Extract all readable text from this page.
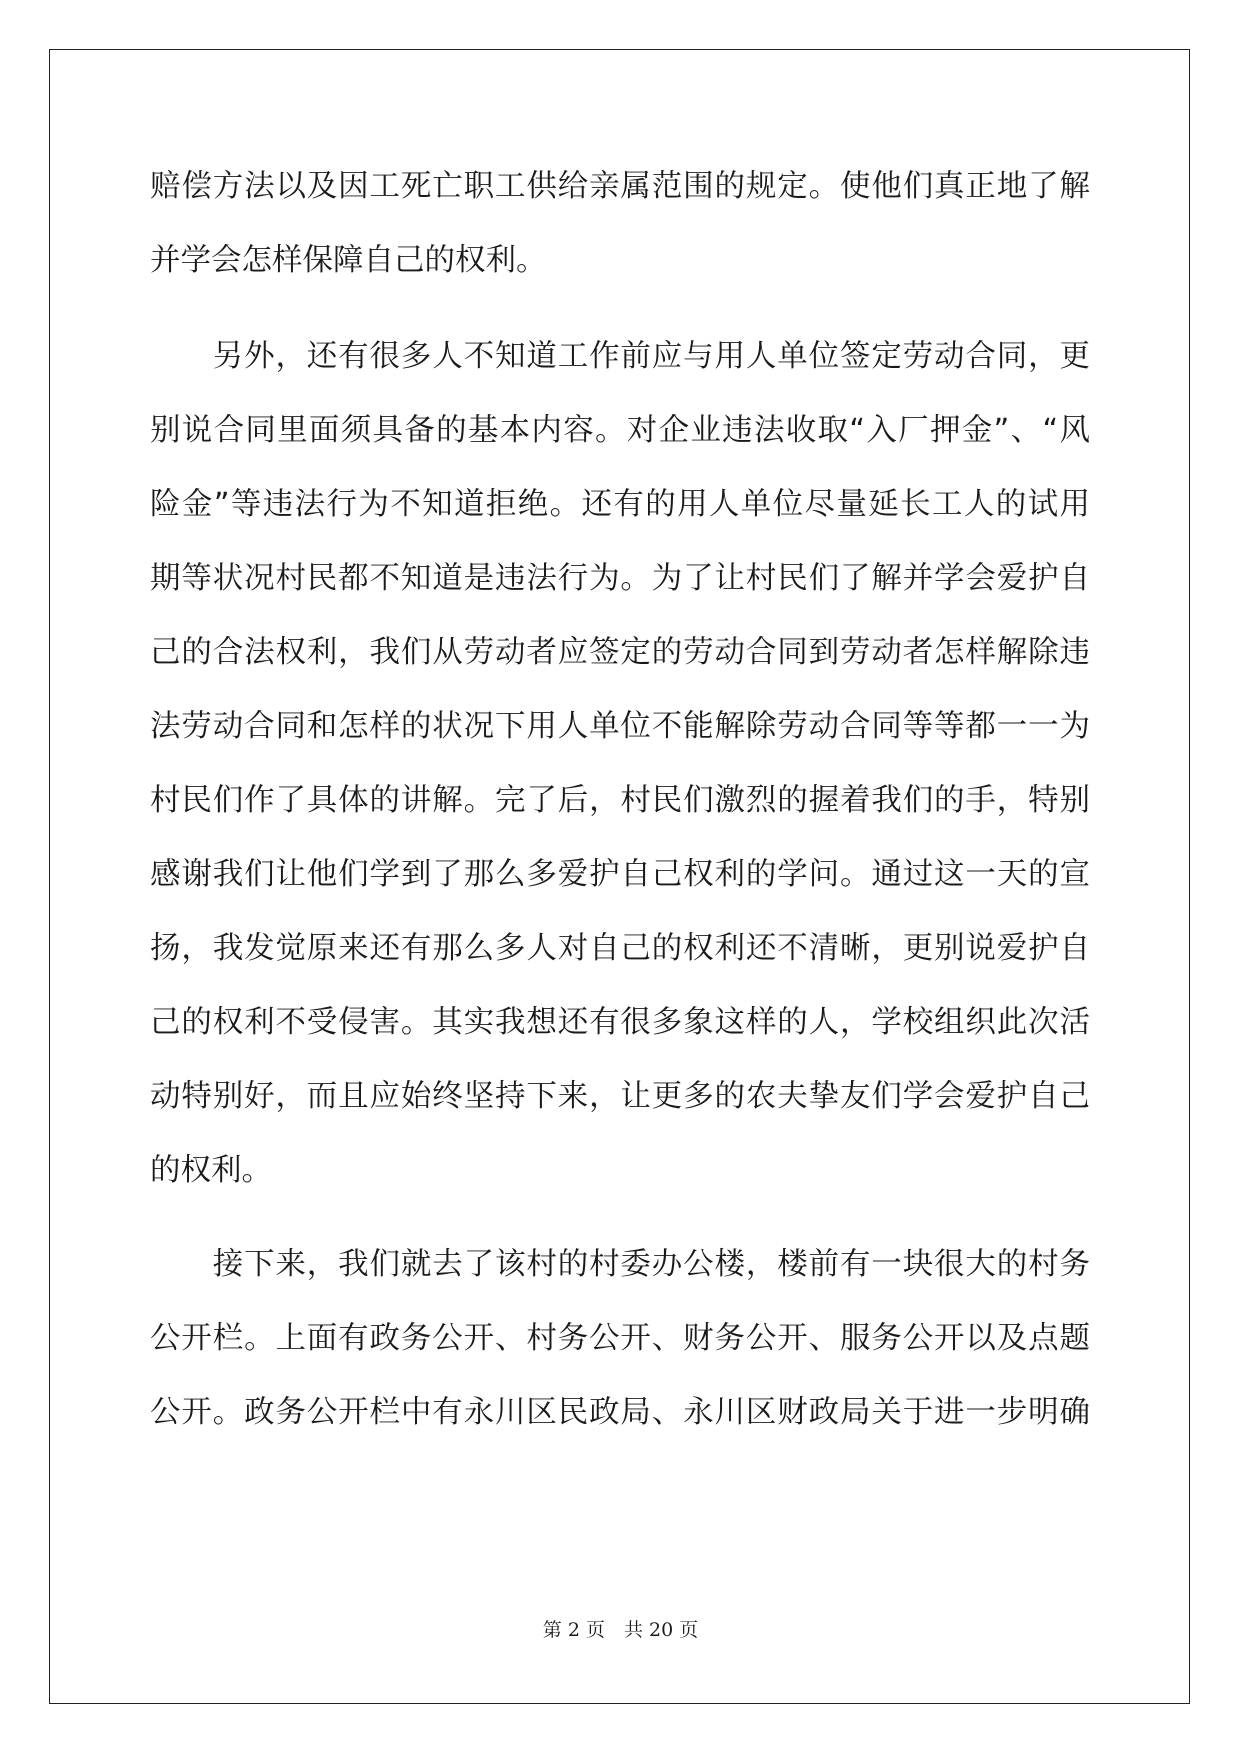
赔偿方法以及因工死亡职工供给亲属范围的规定。使他们真正地了解
并学会怎样保障自己的权利。
　　另外，还有很多人不知道工作前应与用人单位签定劳动合同，更
别说合同里面须具备的基本内容。对企业违法收取“入厂押金”、“风
险金”等违法行为不知道拒绝。还有的用人单位尽量延长工人的试用
期等状况村民都不知道是违法行为。为了让村民们了解并学会爱护自
己的合法权利，我们从劳动者应签定的劳动合同到劳动者怎样解除违
法劳动合同和怎样的状况下用人单位不能解除劳动合同等等都一一为
村民们作了具体的讲解。完了后，村民们激烈的握着我们的手，特别
感谢我们让他们学到了那么多爱护自己权利的学问。通过这一天的宣
扬，我发觉原来还有那么多人对自己的权利还不清晰，更别说爱护自
己的权利不受侵害。其实我想还有很多象这样的人，学校组织此次活
动特别好，而且应始终坚持下来，让更多的农夫挚友们学会爱护自己
的权利。
　　接下来，我们就去了该村的村委办公楼，楼前有一块很大的村务
公开栏。上面有政务公开、村务公开、财务公开、服务公开以及点题
公开。政务公开栏中有永川区民政局、永川区财政局关于进一步明确
第 2 页　共 20 页
